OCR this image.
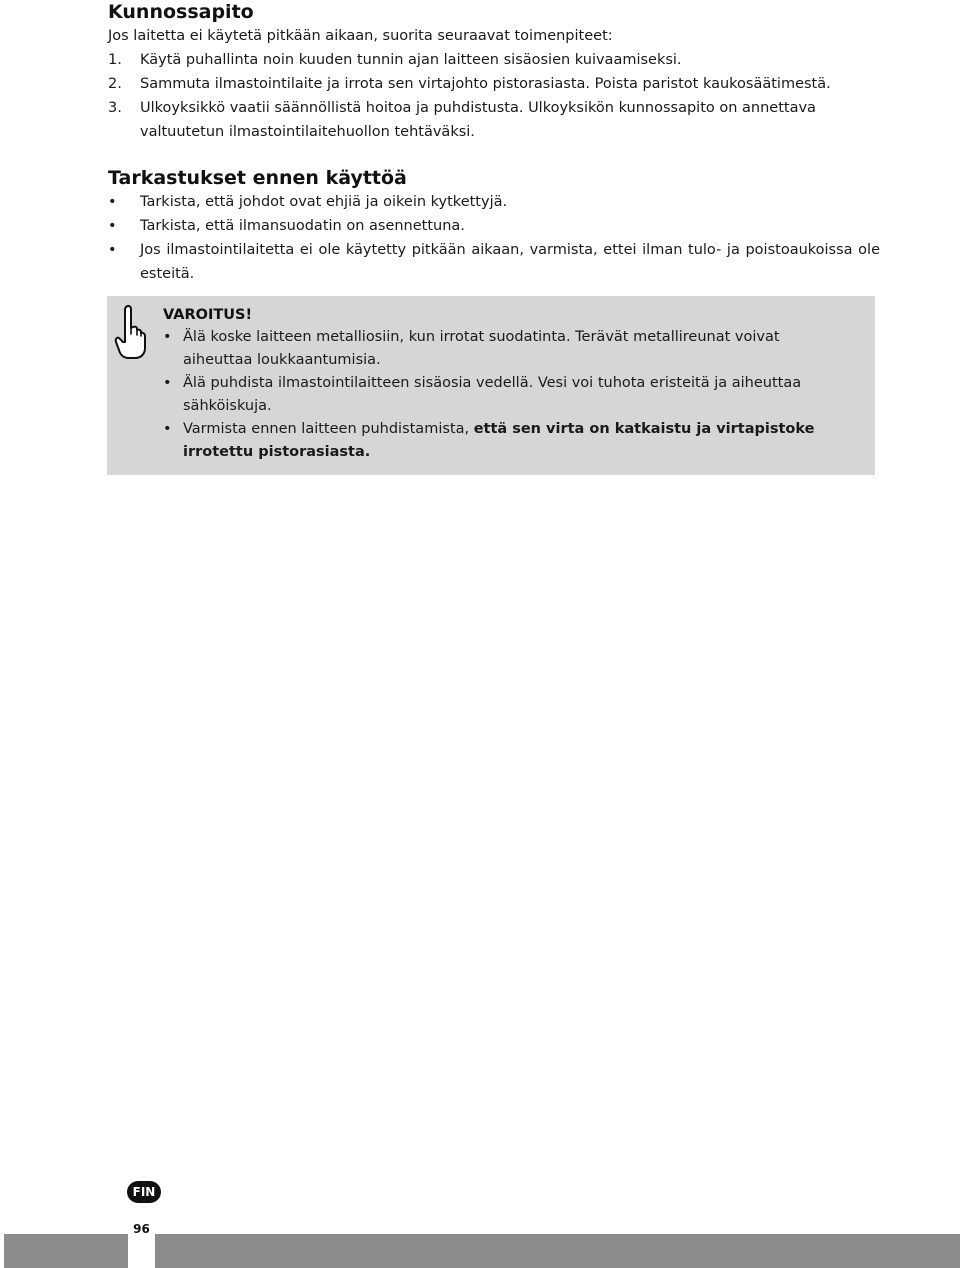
Kunnossapito

Jos laitetta ei käytetä pitkään aikaan, suorita seuraavat toimenpiteet:

1. Käytä puhallinta noin kuuden tunnin ajan laitteen sisäosien kuivaamiseksi.
2. Sammuta ilmastointilaite ja irrota sen virtajohto pistorasiasta. Poista paristot kaukosäätimestä.
3. Ulkoyksikkö vaatii säännöllistä hoitoa ja puhdistusta. Ulkoyksikön kunnossapito on annettava valtuutetun ilmastointilaitehuollon tehtäväksi.
Tarkastukset ennen käyttöä
• Tarkista, että johdot ovat ehjiä ja oikein kytkettyjä.
• Tarkista, että ilmansuodatin on asennettuna.
• Jos ilmastointilaitetta ei ole käytetty pitkään aikaan, varmista, ettei ilman tulo- ja poistoaukoissa ole esteitä.
VAROITUS!
• Älä koske laitteen metalliosiin, kun irrotat suodatinta. Terävät metallireunat voivat aiheuttaa loukkaantumisia.
• Älä puhdista ilmastointilaitteen sisäosia vedellä. Vesi voi tuhota eristeitä ja aiheuttaa sähköiskuja.
• Varmista ennen laitteen puhdistamista, että sen virta on katkaistu ja virtapistoke irrotettu pistorasiasta.
FIN
96
